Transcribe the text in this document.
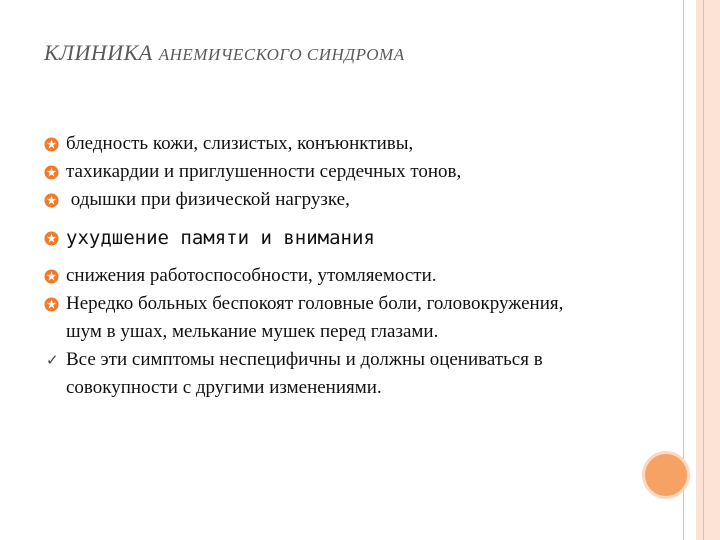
КЛИНИКА АНЕМИЧЕСКОГО СИНДРОМА
бледность кожи, слизистых, конъюнктивы,
тахикардии и приглушенности сердечных тонов,
одышки при физической нагрузке,
ухудшение памяти и внимания
снижения работоспособности, утомляемости.
Нередко больных беспокоят головные боли, головокружения, шум в ушах, мелькание мушек перед глазами.
✓ Все эти симптомы неспецифичны и должны оцениваться в совокупности с другими изменениями.
